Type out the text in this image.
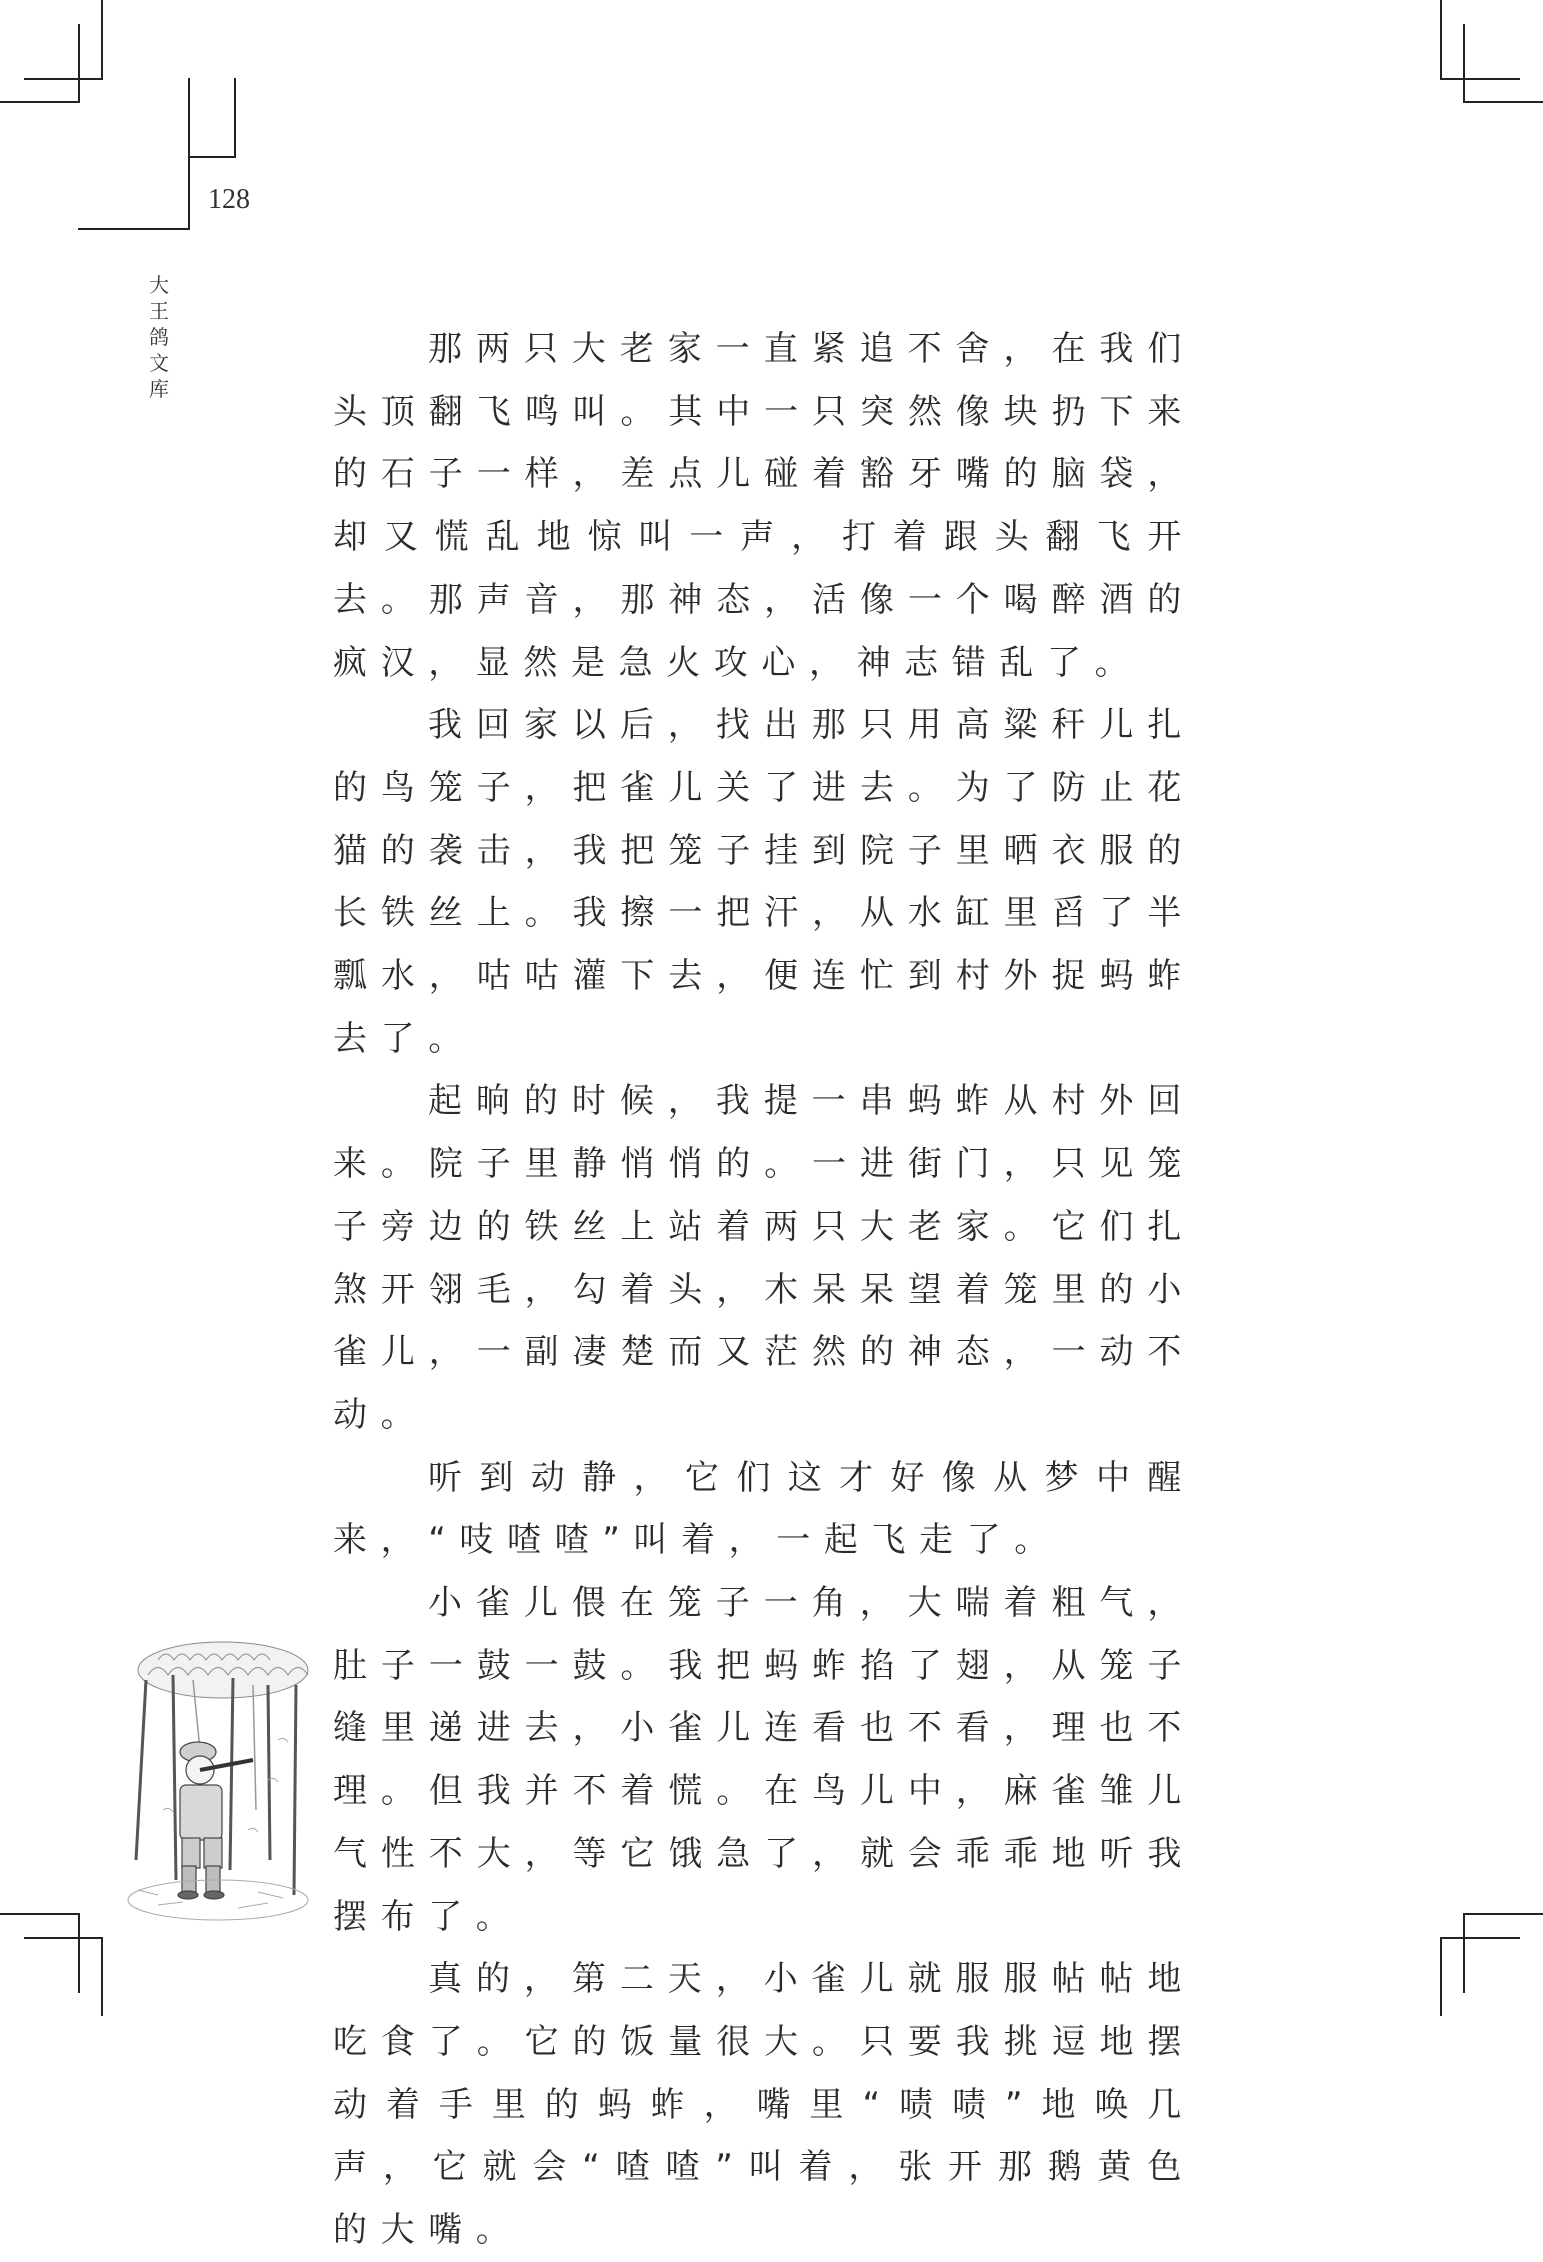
128
大王鸽文库

那两只大老家一直紧追不舍，在我们头顶翻飞鸣叫。其中一只突然像块扔下来的石子一样，差点儿碰着豁牙嘴的脑袋，却又慌乱地惊叫一声，打着跟头翻飞开去。那声音，那神态，活像一个喝醉酒的疯汉，显然是急火攻心，神志错乱了。

我回家以后，找出那只用高粱秆儿扎的鸟笼子，把雀儿关了进去。为了防止花猫的袭击，我把笼子挂到院子里晒衣服的长铁丝上。我擦一把汗，从水缸里舀了半瓢水，咕咕灌下去，便连忙到村外捉蚂蚱去了。

起晌的时候，我提一串蚂蚱从村外回来。院子里静悄悄的。一进街门，只见笼子旁边的铁丝上站着两只大老家。它们扎煞开翎毛，勾着头，木呆呆望着笼里的小雀儿，一副凄楚而又茫然的神态，一动不动。

听到动静，它们这才好像从梦中醒来，“吱喳喳”叫着，一起飞走了。

小雀儿偎在笼子一角，大喘着粗气，肚子一鼓一鼓。我把蚂蚱掐了翅，从笼子缝里递进去，小雀儿连看也不看，理也不理。但我并不着慌。在鸟儿中，麻雀雏儿气性不大，等它饿急了，就会乖乖地听我摆布了。

真的，第二天，小雀儿就服服帖帖地吃食了。它的饭量很大。只要我挑逗地摆动着手里的蚂蚱，嘴里“啧啧”地唤几声，它就会“喳喳”叫着，张开那鹅黄色的大嘴。
